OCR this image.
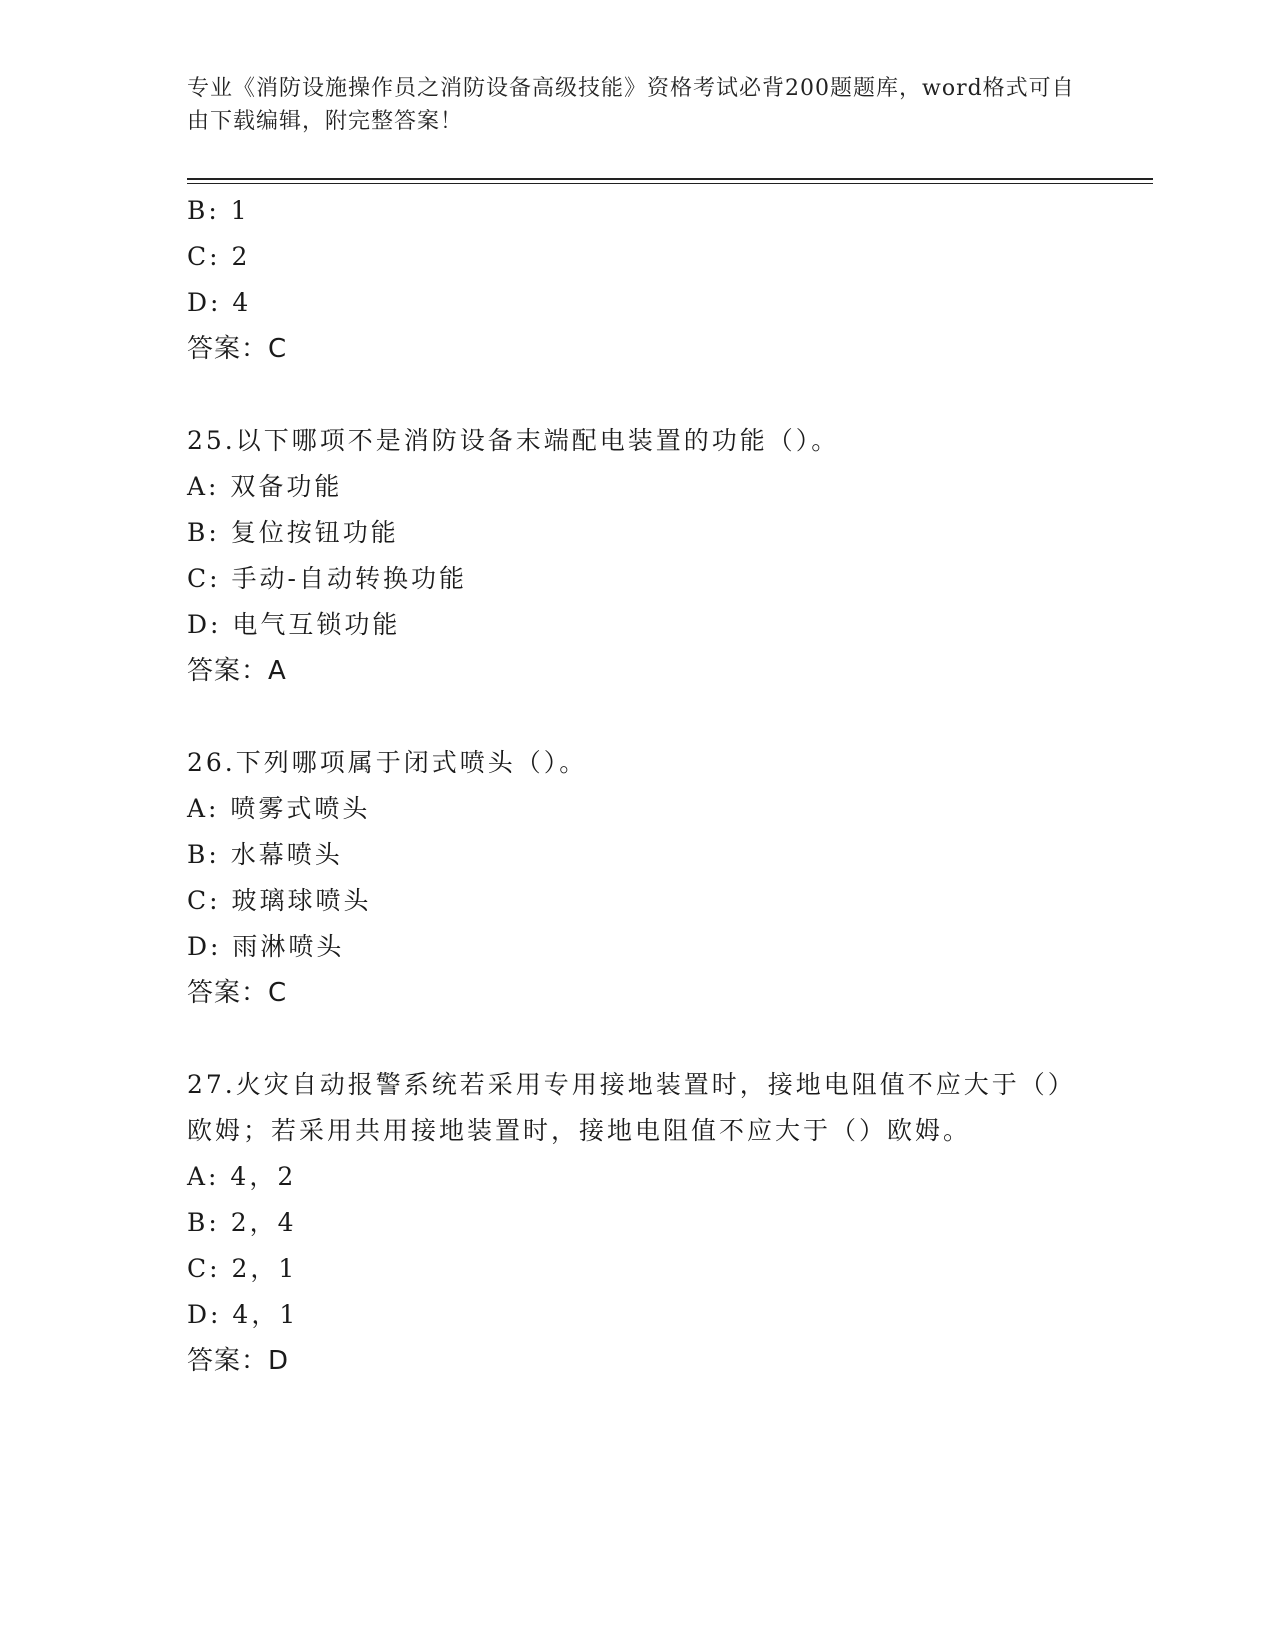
专业《消防设施操作员之消防设备高级技能》资格考试必背200题题库，word格式可自由下载编辑，附完整答案！
B: 1
C: 2
D: 4
答案：C
25.以下哪项不是消防设备末端配电装置的功能（）。
A: 双备功能
B: 复位按钮功能
C: 手动-自动转换功能
D: 电气互锁功能
答案：A
26.下列哪项属于闭式喷头（）。
A: 喷雾式喷头
B: 水幕喷头
C: 玻璃球喷头
D: 雨淋喷头
答案：C
27.火灾自动报警系统若采用专用接地装置时，接地电阻值不应大于（）欧姆；若采用共用接地装置时，接地电阻值不应大于（）欧姆。
A: 4，2
B: 2，4
C: 2，1
D: 4，1
答案：D
